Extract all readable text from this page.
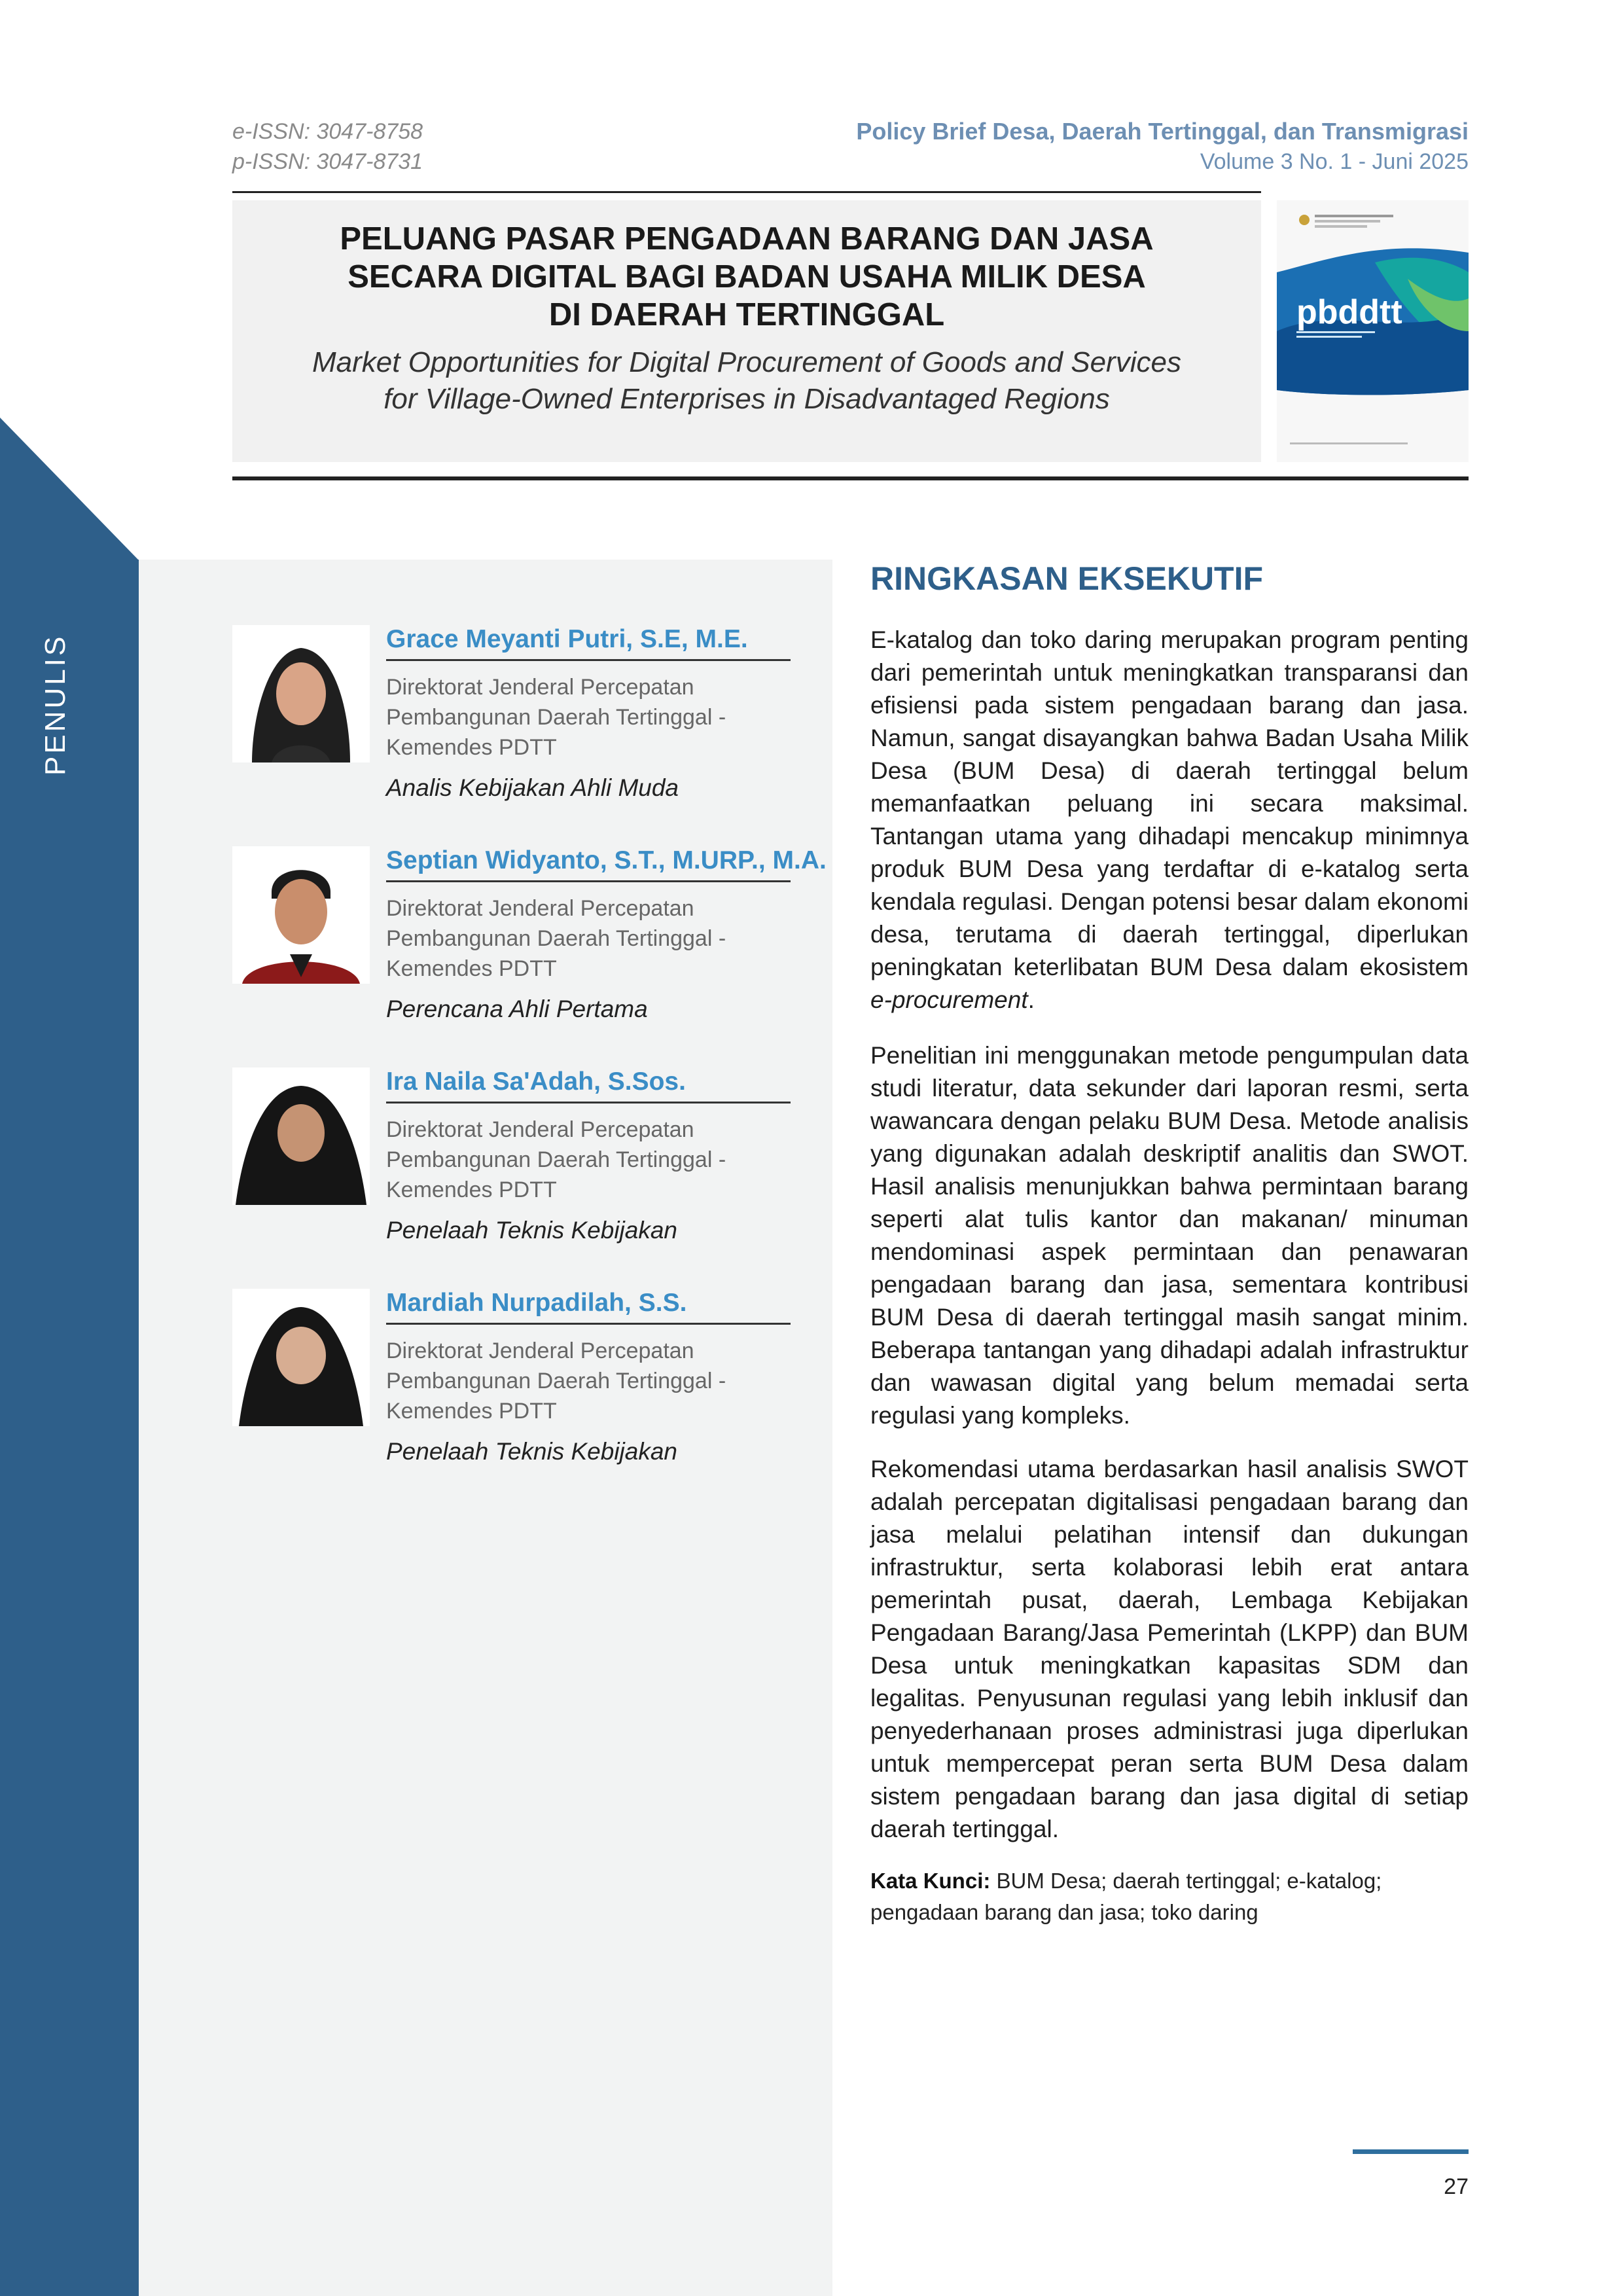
e-ISSN: 3047-8758
p-ISSN: 3047-8731
Policy Brief Desa, Daerah Tertinggal, dan Transmigrasi
Volume 3 No. 1 - Juni 2025
PELUANG PASAR PENGADAAN BARANG DAN JASA
SECARA DIGITAL BAGI BADAN USAHA MILIK DESA
DI DAERAH TERTINGGAL
Market Opportunities for Digital Procurement of Goods and Services
for Village-Owned Enterprises in Disadvantaged Regions
pbddtt
PENULIS	Grace Meyanti Putri, S.E, M.E.
Direktorat Jenderal Percepatan
Pembangunan Daerah Tertinggal -
Kemendes PDTT
Analis Kebijakan Ahli Muda
Septian Widyanto, S.T., M.URP., M.A.
Direktorat Jenderal Percepatan
Pembangunan Daerah Tertinggal -
Kemendes PDTT
Perencana Ahli Pertama
Ira Naila Sa'Adah, S.Sos.
Direktorat Jenderal Percepatan
Pembangunan Daerah Tertinggal -
Kemendes PDTT
Penelaah Teknis Kebijakan
Mardiah Nurpadilah, S.S.
Direktorat Jenderal Percepatan
Pembangunan Daerah Tertinggal -
Kemendes PDTT
Penelaah Teknis Kebijakan
RINGKASAN EKSEKUTIF
E-katalog dan toko daring merupakan program penting dari pemerintah untuk meningkatkan transparansi dan efisiensi pada sistem pengadaan barang dan jasa. Namun, sangat disayangkan bahwa Badan Usaha Milik Desa (BUM Desa) di daerah tertinggal belum memanfaatkan peluang ini secara maksimal. Tantangan utama yang dihadapi mencakup minimnya produk BUM Desa yang terdaftar di e-katalog serta kendala regulasi. Dengan potensi besar dalam ekonomi desa, terutama di daerah tertinggal, diperlukan peningkatan keterlibatan BUM Desa dalam ekosistem e-procurement.
Penelitian ini menggunakan metode pengumpulan data studi literatur, data sekunder dari laporan resmi, serta wawancara dengan pelaku BUM Desa. Metode analisis yang digunakan adalah deskriptif analitis dan SWOT. Hasil analisis menunjukkan bahwa permintaan barang seperti alat tulis kantor dan makanan/ minuman mendominasi aspek permintaan dan penawaran pengadaan barang dan jasa, sementara kontribusi BUM Desa di daerah tertinggal masih sangat minim. Beberapa tantangan yang dihadapi adalah infrastruktur dan wawasan digital yang belum memadai serta regulasi yang kompleks.
Rekomendasi utama berdasarkan hasil analisis SWOT adalah percepatan digitalisasi pengadaan barang dan jasa melalui pelatihan intensif dan dukungan infrastruktur, serta kolaborasi lebih erat antara pemerintah pusat, daerah, Lembaga Kebijakan Pengadaan Barang/Jasa Pemerintah (LKPP) dan BUM Desa untuk meningkatkan kapasitas SDM dan legalitas. Penyusunan regulasi yang lebih inklusif dan penyederhanaan proses administrasi juga diperlukan untuk mempercepat peran serta BUM Desa dalam sistem pengadaan barang dan jasa digital di setiap daerah tertinggal.
Kata Kunci: BUM Desa; daerah tertinggal; e-katalog; pengadaan barang dan jasa; toko daring
27
